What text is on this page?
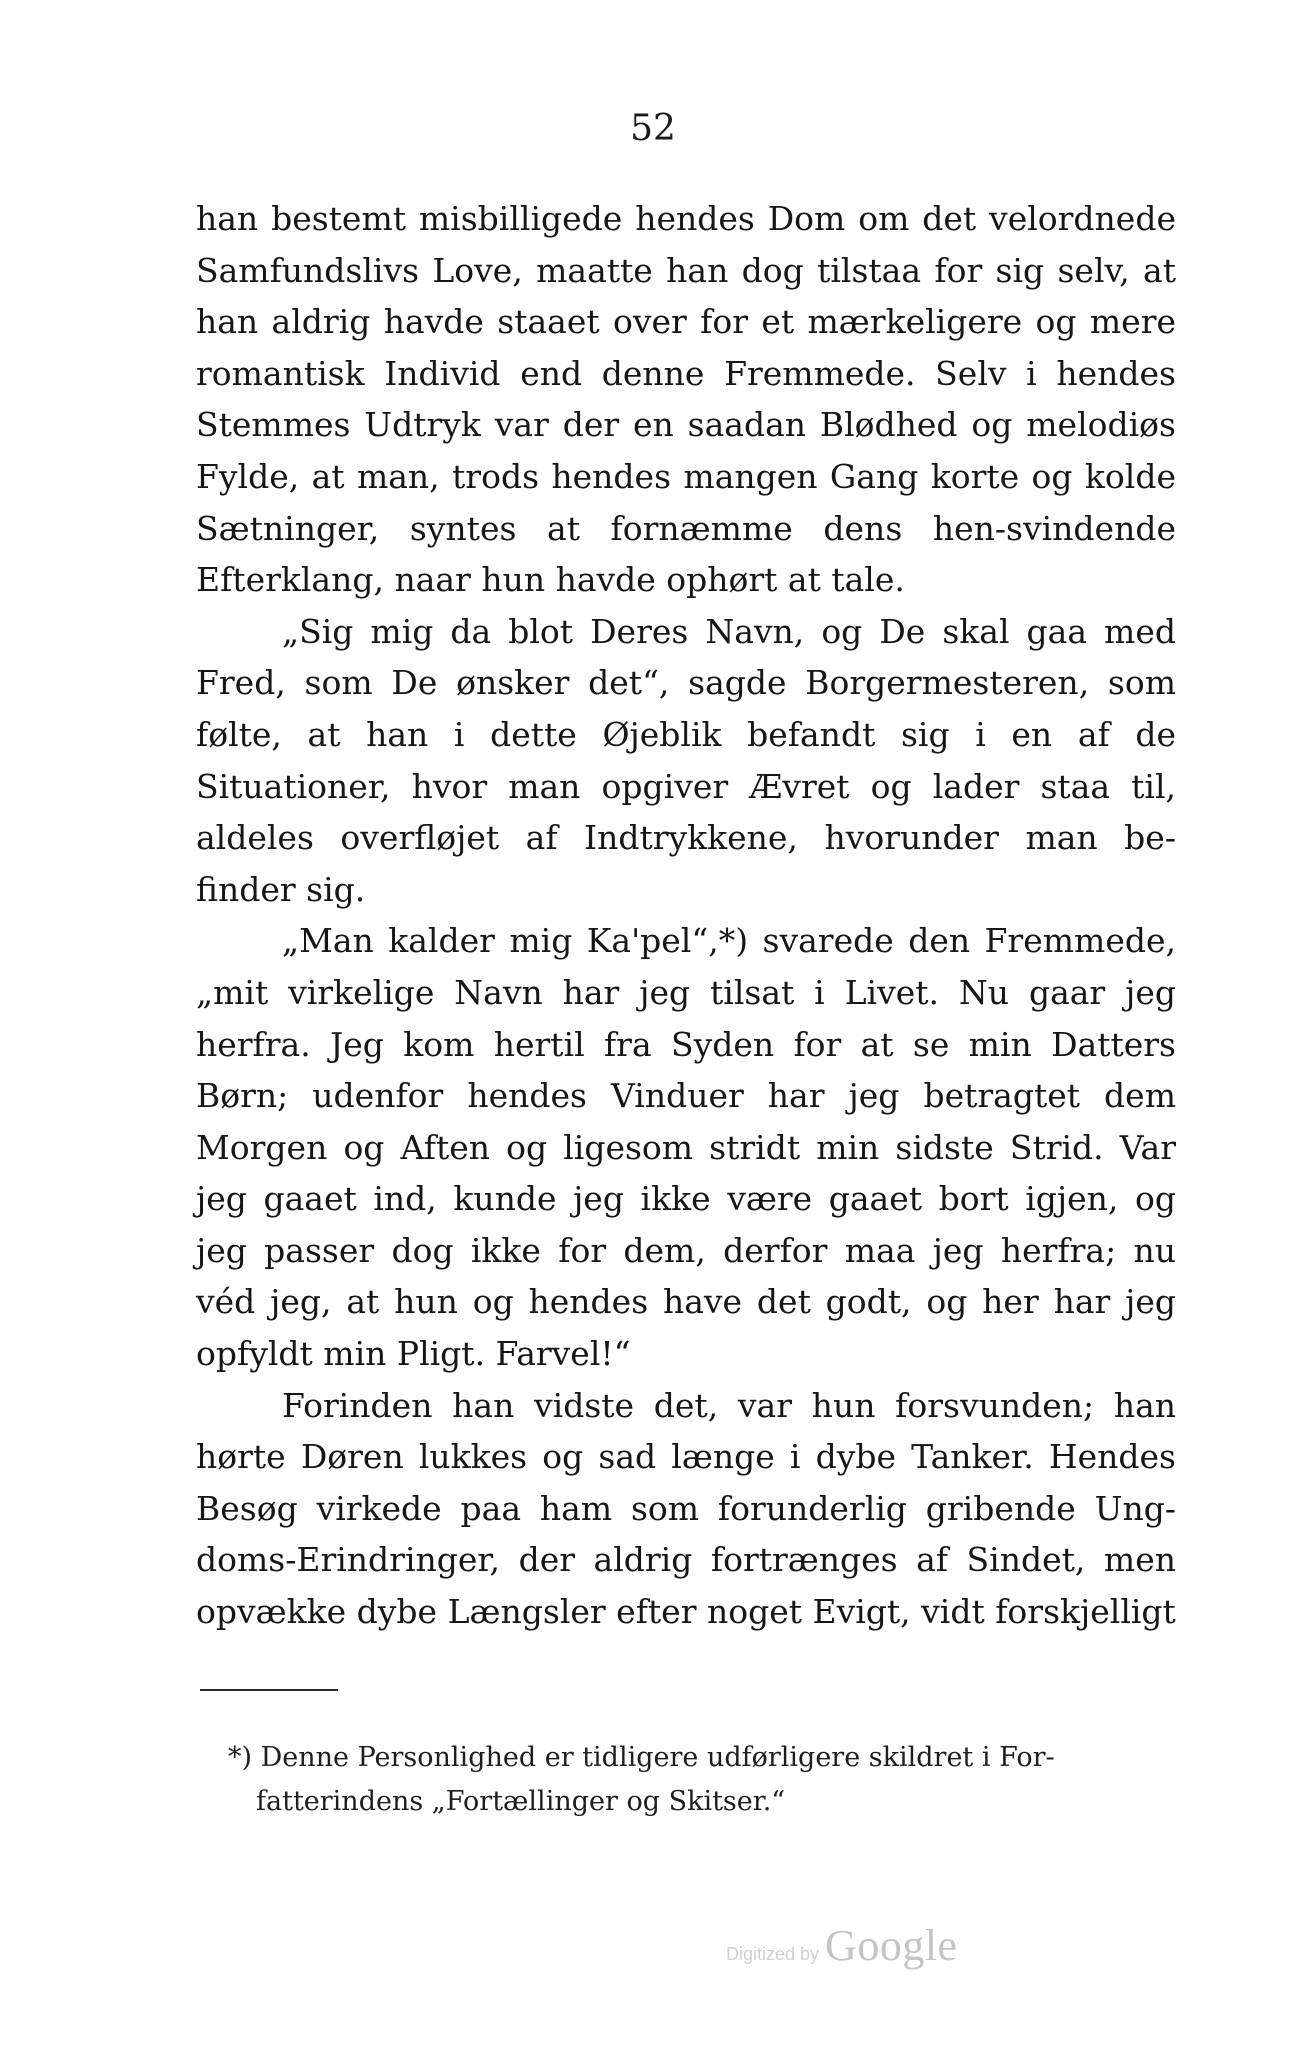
52

han bestemt misbilligede hendes Dom om det velordnede Samfundslivs Love, maatte han dog tilstaa for sig selv, at han aldrig havde staaet over for et mærkeligere og mere romantisk Individ end denne Fremmede. Selv i hendes Stemmes Udtryk var der en saadan Blødhed og melodiøs Fylde, at man, trods hendes mangen Gang korte og kolde Sætninger, syntes at fornæmme dens hen-svindende Efterklang, naar hun havde ophørt at tale.

„Sig mig da blot Deres Navn, og De skal gaa med Fred, som De ønsker det“, sagde Borgermesteren, som følte, at han i dette Øjeblik befandt sig i en af de Situationer, hvor man opgiver Ævret og lader staa til, aldeles overfløjet af Indtrykkene, hvorunder man be-finder sig.

„Man kalder mig Ka'pel“,*) svarede den Fremmede, „mit virkelige Navn har jeg tilsat i Livet. Nu gaar jeg herfra. Jeg kom hertil fra Syden for at se min Datters Børn; udenfor hendes Vinduer har jeg betragtet dem Morgen og Aften og ligesom stridt min sidste Strid. Var jeg gaaet ind, kunde jeg ikke være gaaet bort igjen, og jeg passer dog ikke for dem, derfor maa jeg herfra; nu véd jeg, at hun og hendes have det godt, og her har jeg opfyldt min Pligt. Farvel!“

Forinden han vidste det, var hun forsvunden; han hørte Døren lukkes og sad længe i dybe Tanker. Hendes Besøg virkede paa ham som forunderlig gribende Ung-doms-Erindringer, der aldrig fortrænges af Sindet, men opvække dybe Længsler efter noget Evigt, vidt forskjelligt

*) Denne Personlighed er tidligere udførligere skildret i For-fatterindens „Fortællinger og Skitser.“

Digitized by Google
